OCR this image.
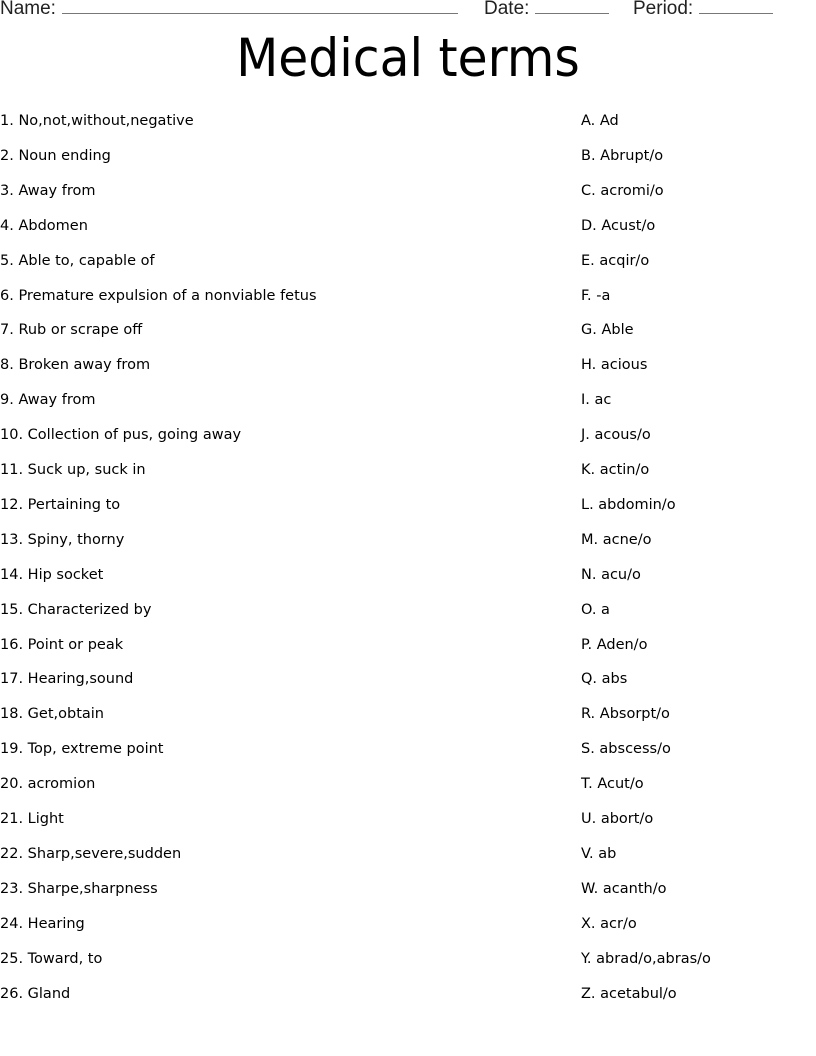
Name:	Date:	Period:
Medical terms
1. No,not,without,negative	A. Ad
2. Noun ending	B. Abrupt/o
3. Away from	C. acromi/o
4. Abdomen	D. Acust/o
5. Able to, capable of	E. acqir/o
6. Premature expulsion of a nonviable fetus	F. -a
7. Rub or scrape off	G. Able
8. Broken away from	H. acious
9. Away from	I. ac
10. Collection of pus, going away	J. acous/o
11. Suck up, suck in	K. actin/o
12. Pertaining to	L. abdomin/o
13. Spiny, thorny	M. acne/o
14. Hip socket	N. acu/o
15. Characterized by	O. a
16. Point or peak	P. Aden/o
17. Hearing,sound	Q. abs
18. Get,obtain	R. Absorpt/o
19. Top, extreme point	S. abscess/o
20. acromion	T. Acut/o
21. Light	U. abort/o
22. Sharp,severe,sudden	V. ab
23. Sharpe,sharpness	W. acanth/o
24. Hearing	X. acr/o
25. Toward, to	Y. abrad/o,abras/o
26. Gland	Z. acetabul/o
